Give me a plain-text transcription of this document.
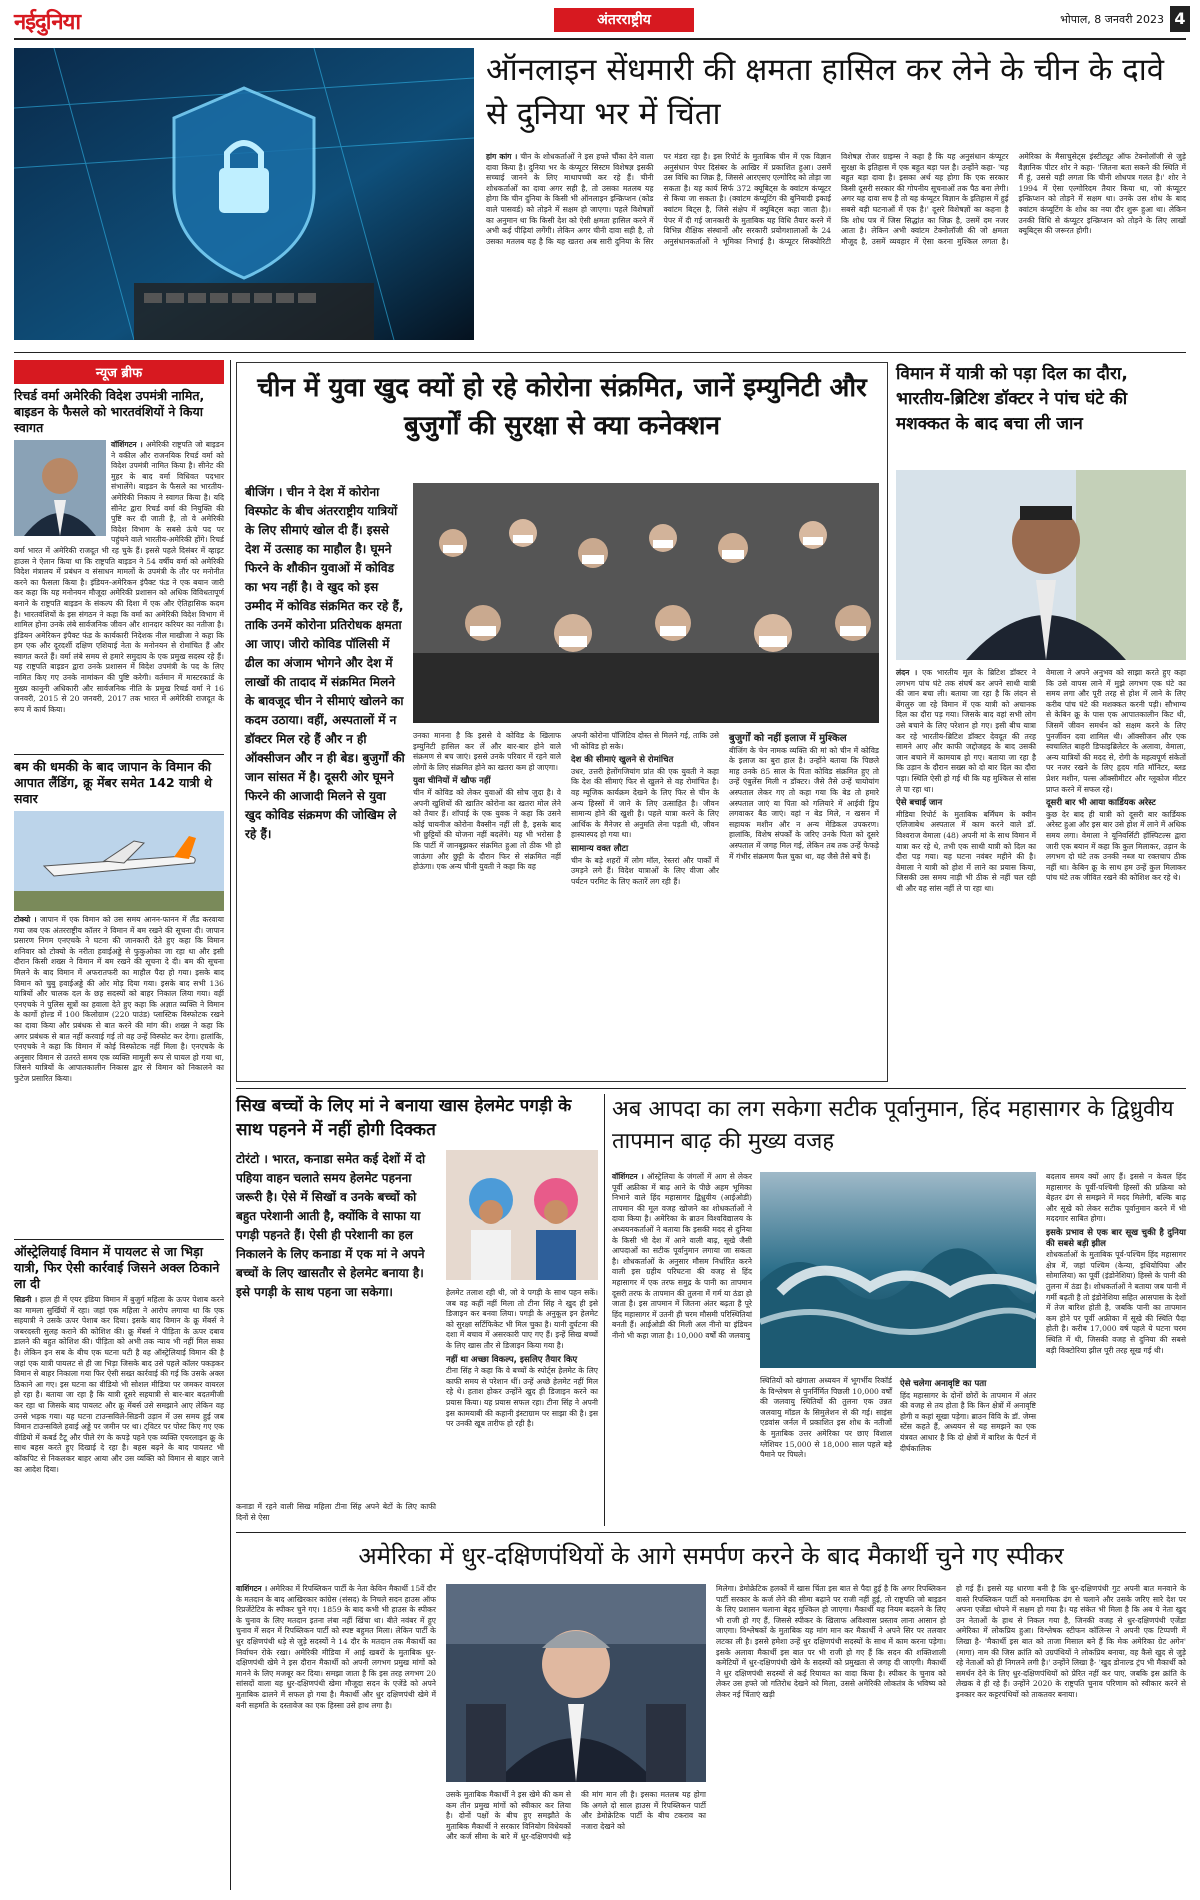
नईदुनिया	अंतरराष्ट्रीय	भोपाल, 8 जनवरी 2023 4
ऑनलाइन सेंधमारी की क्षमता हासिल कर लेने के चीन के दावे से दुनिया भर में चिंता
हांग कांग । चीन के शोधकर्ताओं ने इस हफ्ते चौंका देने वाला दावा किया है। दुनिया भर के कंप्यूटर सिस्टम विशेषज्ञ इसकी सच्चाई जानने के लिए माथापच्ची कर रहे हैं। चीनी शोधकर्ताओं का दावा अगर सही है, तो उसका मतलब यह होगा कि चीन दुनिया के किसी भी ऑनलाइन इन्क्रिप्शन (कोड वाले पासवर्ड) को तोड़ने में सक्षम हो जाएगा। पहले विशेषज्ञों का अनुमान था कि किसी देश को ऐसी क्षमता हासिल करने में अभी कई पीढ़ियां लगेंगी। लेकिन अगर चीनी दावा सही है, तो उसका मतलब यह है कि यह खतरा अब सारी दुनिया के सिर पर मंडरा रहा है। इस रिपोर्ट के मुताबिक चीन में एक विज्ञान अनुसंधान पेपर दिसंबर के आखिर में प्रकाशित हुआ। उसमें उस विधि का जिक्र है, जिससे आरएसए एल्गोरिद को तोड़ा जा सकता है। यह कार्य सिर्फ 372 क्यूबिट्स के क्वांटम कंप्यूटर से किया जा सकता है। (क्वांटम कंप्यूटिंग की बुनियादी इकाई क्वांटम बिट्स है, जिसे संक्षेप में क्यूबिट्स कहा जाता है)। पेपर में दी गई जानकारी के मुताबिक यह विधि तैयार करने में विभिन्न शैक्षिक संस्थानों और सरकारी प्रयोगशालाओं के 24 अनुसंधानकर्ताओं ने भूमिका निभाई है। कंप्यूटर सिक्योरिटी विशेषज्ञ रोजर ग्राइम्स ने कहा है कि यह अनुसंधान कंप्यूटर सुरक्षा के इतिहास में एक बहुत बड़ा पल है। उन्होंने कहा- 'यह बहुत बड़ा दावा है। इसका अर्थ यह होगा कि एक सरकार किसी दूसरी सरकार की गोपनीय सूचनाओं तक पैठ बना लेगी। अगर यह दावा सच है तो यह कंप्यूटर विज्ञान के इतिहास में हुई सबसे बड़ी घटनाओं में एक है।' दूसरे विशेषज्ञों का कहना है कि शोध पत्र में जिस सिद्धांत का जिक्र है, उसमें दम नजर आता है। लेकिन अभी क्वांटम टेक्नोलॉजी की जो क्षमता मौजूद है, उसमें व्यवहार में ऐसा करना मुश्किल लगता है। अमेरिका के मैसाचुसेट्स इंस्टीट्यूट ऑफ टेक्नोलॉजी से जुड़े वैज्ञानिक पीटर शोर ने कहा- 'जितना बता सकने की स्थिति में मैं हूं, उससे यही लगता कि चीनी शोधपत्र गलत है।' शोर ने 1994 में ऐसा एल्गोरिदम तैयार किया था, जो कंप्यूटर इन्क्रिप्शन को तोड़ने में सक्षम था। उनके उस शोध के बाद क्वांटम कंप्यूटिंग के शोध का नया दौर शुरू हुआ था। लेकिन उनकी विधि से कंप्यूटर इन्क्रिप्शन को तोड़ने के लिए लाखों क्यूबिट्स की जरूरत होगी।
न्यूज ब्रीफ
रिचर्ड वर्मा अमेरिकी विदेश उपमंत्री नामित, बाइडन के फैसले को भारतवंशियों ने किया स्वागत
वॉशिंगटन । अमेरिकी राष्ट्रपति जो बाइडन ने वकील और राजनयिक रिचर्ड वर्मा को विदेश उपमंत्री नामित किया है। सीनेट की मुहर के बाद वर्मा विधिवत पदभार संभालेंगे। बाइडन के फैसले का भारतीय-अमेरिकी निकाय ने स्वागत किया है। यदि सीनेट द्वारा रिचर्ड वर्मा की नियुक्ति की पुष्टि कर दी जाती है, तो वे अमेरिकी विदेश विभाग के सबसे ऊंचे पद पर पहुंचने वाले भारतीय-अमेरिकी होंगे। रिचर्ड वर्मा भारत में अमेरिकी राजदूत भी रह चुके हैं। इससे पहले दिसंबर में व्हाइट हाउस ने ऐलान किया था कि राष्ट्रपति बाइडन ने 54 वर्षीय वर्मा को अमेरिकी विदेश मंत्रालय में प्रबंधन व संसाधन मामलों के उपमंत्री के तौर पर मनोनीत करने का फैसला किया है। इंडियन-अमेरिकन इंपैक्ट फंड ने एक बयान जारी कर कहा कि यह मनोनयन मौजूदा अमेरिकी प्रशासन को अधिक विविधतापूर्ण बनाने के राष्ट्रपति बाइडन के संकल्प की दिशा में एक और ऐतिहासिक कदम है। भारतवंशियों के इस संगठन ने कहा कि वर्मा का अमेरिकी विदेश विभाग में शामिल होना उनके लंबे सार्वजनिक जीवन और शानदार करियर का नतीजा है। इंडियन अमेरिकन इंपैक्ट फंड के कार्यकारी निदेशक नील माखीजा ने कहा कि हम एक और दूरदर्शी दक्षिण एशियाई नेता के मनोनयन से रोमांचित हैं और स्वागत करते हैं। वर्मा लंबे समय से हमारे समुदाय के एक प्रमुख सदस्य रहे हैं। यह राष्ट्रपति बाइडन द्वारा उनके प्रशासन में विदेश उपमंत्री के पद के लिए नामित किए गए उनके नामांकन की पुष्टि करेगी। वर्तमान में मास्टरकार्ड के मुख्य कानूनी अधिकारी और सार्वजनिक नीति के प्रमुख रिचर्ड वर्मा ने 16 जनवरी, 2015 से 20 जनवरी, 2017 तक भारत में अमेरिकी राजदूत के रूप में कार्य किया।
बम की धमकी के बाद जापान के विमान की आपात लैंडिंग, क्रू मेंबर समेत 142 यात्री थे सवार
टोक्यो । जापान में एक विमान को उस समय आनन-फानन में लैंड करवाया गया जब एक अंतरराष्ट्रीय कॉलर ने विमान में बम रखने की सूचना दी। जापान प्रसारण निगम एनएचके ने घटना की जानकारी देते हुए कहा कि विमान शनिवार को टोक्यो के नरीता हवाईअड्डे से फुकुओका जा रहा था और इसी दौरान किसी शख्स ने विमान में बम रखने की सूचना दे दी। बम की सूचना मिलने के बाद विमान में अफरातफरी का माहौल पैदा हो गया। इसके बाद विमान को चुबु हवाईअड्डे की ओर मोड़ दिया गया। इसके बाद सभी 136 यात्रियों और चालक दल के छह सदस्यों को बाहर निकाल लिया गया। वहीं एनएचके ने पुलिस सूत्रों का हवाला देते हुए कहा कि अज्ञात व्यक्ति ने विमान के कार्गो होल्ड में 100 किलोग्राम (220 पाउंड) प्लास्टिक विस्फोटक रखने का दावा किया और प्रबंधक से बात करने की मांग की। शख्स ने कहा कि अगर प्रबंधक से बात नहीं करवाई गई तो वह उन्हें विस्फोट कर देगा। हालांकि, एनएचके ने कहा कि विमान में कोई विस्फोटक नहीं मिला है। एनएचके के अनुसार विमान से उतरते समय एक व्यक्ति मामूली रूप से घायल हो गया था, जिसने यात्रियों के आपातकालीन निकास द्वार से विमान को निकालने का फुटेज प्रसारित किया।
ऑस्ट्रेलियाई विमान में पायलट से जा भिड़ा यात्री, फिर ऐसी कार्रवाई जिसने अक्ल ठिकाने ला दी
सिडनी । हाल ही में एयर इंडिया विमान में बुजुर्ग महिला के ऊपर पेशाब करने का मामला सुर्खियों में रहा। जहां एक महिला ने आरोप लगाया था कि एक सहयात्री ने उसके ऊपर पेशाब कर दिया। इसके बाद विमान के क्रू मेंबर्स ने जबरदस्ती सुलह कराने की कोशिश की। क्रू मेंबर्स ने पीड़िता के ऊपर दबाव डालने की बहुत कोशिश की। पीड़िता को अभी तक न्याय भी नहीं मिल सका है। लेकिन इन सब के बीच एक घटना घटी है वह ऑस्ट्रेलियाई विमान की है जहां एक यात्री पायलट से ही जा भिड़ा जिसके बाद उसे पहले कॉलर पकड़कर विमान से बाहर निकाला गया फिर ऐसी सख्त कार्रवाई की गई कि उसके अक्ल ठिकाने आ गए। इस घटना का वीडियो भी सोशल मीडिया पर जमकर वायरल हो रहा है। बताया जा रहा है कि यात्री दूसरे सहयात्री से बार-बार बदतमीजी कर रहा था जिसके बाद पायलट और क्रू मेंबर्स उसे समझाने आए लेकिन वह उनसे भड़क गया। यह घटना टाउन्सविले-सिडनी उड़ान में उस समय हुई जब विमान टाउन्सविले हवाई अड्डे पर जमीन पर था। ट्विटर पर पोस्ट किए गए एक वीडियो में कबर्ड टैटू और पीले रंग के कपड़े पहने एक व्यक्ति एयरलाइन क्रू के साथ बहस करते हुए दिखाई दे रहा है। बहस बढ़ने के बाद पायलट भी कॉकपिट से निकलकर बाहर आया और उस व्यक्ति को विमान से बाहर जाने का आदेश दिया।
चीन में युवा खुद क्यों हो रहे कोरोना संक्रमित, जानें इम्युनिटी और बुजुर्गों की सुरक्षा से क्या कनेक्शन
बीजिंग । चीन ने देश में कोरोना विस्फोट के बीच अंतरराष्ट्रीय यात्रियों के लिए सीमाएं खोल दी हैं। इससे देश में उत्साह का माहौल है। घूमने फिरने के शौकीन युवाओं में कोविड का भय नहीं है। वे खुद को इस उम्मीद में कोविड संक्रमित कर रहे हैं, ताकि उनमें कोरोना प्रतिरोधक क्षमता आ जाए। जीरो कोविड पॉलिसी में ढील का अंजाम भोगने और देश में लाखों की तादाद में संक्रमित मिलने के बावजूद चीन ने सीमाएं खोलने का कदम उठाया। वहीं, अस्पतालों में न डॉक्टर मिल रहे हैं और न ही ऑक्सीजन और न ही बेड। बुजुर्गों की जान सांसत में है। दूसरी ओर घूमने फिरने की आजादी मिलने से युवा खुद कोविड संक्रमण की जोखिम ले रहे हैं।
उनका मानना है कि इससे वे कोविड के खिलाफ इम्युनिटी हासिल कर लें और बार-बार होने वाले संक्रमण से बच जाएं। इससे उनके परिवार में रहने वाले लोगों के लिए संक्रमित होने का खतरा कम हो जाएगा।
युवा चीनियों में खौफ नहीं
चीन में कोविड को लेकर युवाओं की सोच जुदा है। वे अपनी खुशियों की खातिर कोरोना का खतरा मोल लेने को तैयार हैं। शॉपाई के एक युवक ने कहा कि उसने कोई चायनीज कोरोना वैक्सीन नहीं ली है, इसके बाद भी छुट्टियों की योजना नहीं बदलेंगे। यह भी भरोसा है कि पार्टी में जानबूझकर संक्रमित हुआ तो ठीक भी हो जाऊंगा और छुट्टी के दौरान फिर से संक्रमित नहीं होऊंगा। एक अन्य चीनी युवती ने कहा कि वह
अपनी कोरोना पॉजिटिव दोस्त से मिलने गई, ताकि उसे भी कोविड हो सके।
देश की सीमाएं खुलने से रोमांचित
उधर, उत्तरी हेलोंगजियांग प्रांत की एक युवती ने कहा कि देश की सीमाएं फिर से खुलने से वह रोमांचित है। वह म्यूजिक कार्यक्रम देखने के लिए फिर से चीन के अन्य हिस्सों में जाने के लिए उत्साहित है। जीवन सामान्य होने की खुशी है। पहले यात्रा करने के लिए आर्थिक के मैनेजर से अनुमति लेना पड़ती थी, जीवन हास्यास्पद हो गया था।
सामान्य वक्त लौटा
चीन के बड़े शहरों में लोग मॉल, रेस्तरां और पार्कों में उमड़ने लगे हैं। विदेश यात्राओं के लिए वीजा और पर्यटन परमिट के लिए कतारें लग रही हैं।
बुजुर्गों को नहीं इलाज में मुश्किल
बीजिंग के चेन नामक व्यक्ति की मां को चीन में कोविड के इलाज का बुरा हाल है। उन्होंने बताया कि पिछले माह उनके 85 साल के पिता कोविड संक्रमित हुए तो उन्हें एंबुलेंस मिली न डॉक्टर। जैसे तैसे उन्हें चायोयांग अस्पताल लेकर गए तो कहा गया कि बेड तो हमारे अस्पताल जाएं या पिता को गलियारे में आईवी ड्रिप लगवाकर बैठ जाएं। वहां न बेड मिले, न खसन में सहायक मशीन और न अन्य मेडिकल उपकरण। हालांकि, विशेष संपर्कों के जरिए उनके पिता को दूसरे अस्पताल में जगह मिल गई, लेकिन तब तक उन्हें फेफड़े में गंभीर संक्रमण फैल चुका था, वह जैसे तैसे बचे हैं।
विमान में यात्री को पड़ा दिल का दौरा, भारतीय-ब्रिटिश डॉक्टर ने पांच घंटे की मशक्कत के बाद बचा ली जान
लंदन । एक भारतीय मूल के ब्रिटिश डॉक्टर ने लगभग पांच घंटे तक संघर्ष कर अपने साथी यात्री की जान बचा ली। बताया जा रहा है कि लंदन से बेंगलुरु जा रहे विमान में एक यात्री को अचानक दिल का दौरा पड़ गया। जिसके बाद वहां सभी लोग उसे बचाने के लिए परेशान हो गए। इसी बीच यात्रा कर रहे भारतीय-ब्रिटिश डॉक्टर देवदूत की तरह सामने आए और काफी जद्दोजहद के बाद उसकी जान बचाने में कामयाब हो गए। बताया जा रहा है कि उड़ान के दौरान सख्स को दो बार दिल का दौरा पड़ा। स्थिति ऐसी हो गई थी कि यह मुश्किल से सांस ले पा रहा था।
ऐसे बचाई जान
मीडिया रिपोर्ट के मुताबिक बर्मिंघम के क्वीन एलिजाबेथ अस्पताल में काम करने वाले डॉ. विश्वराज वेमाला (48) अपनी मां के साथ विमान में यात्रा कर रहे थे, तभी एक साथी यात्री को दिल का दौरा पड़ गया। यह घटना नवंबर महीने की है। वेमाला ने यात्री को होश में लाने का प्रयास किया, जिसकी उस समय नाड़ी भी ठीक से नहीं चल रही थी और वह सांस नहीं ले पा रहा था।
वेमाला ने अपने अनुभव को साझा करते हुए कहा कि उसे वापस लाने में मुझे लगभग एक घंटे का समय लगा और पूरी तरह से होश में लाने के लिए करीब पांच घंटे की मशक्कत करनी पड़ी। सौभाग्य से केबिन क्रू के पास एक आपातकालीन किट थी, जिसमें जीवन समर्थन को सक्षम करने के लिए पुनर्जीवन दवा शामिल थी। ऑक्सीजन और एक स्वचालित बाहरी डिफाइब्रिलेटर के अलावा, वेमाला, अन्य यात्रियों की मदद से, रोगी के महत्वपूर्ण संकेतों पर नजर रखने के लिए हृदय गति मॉनिटर, ब्लड प्रेशर मशीन, पल्स ऑक्सीमीटर और ग्लूकोज मीटर प्राप्त करने में सफल रहे।
दूसरी बार भी आया कार्डियक अरेस्ट
कुछ देर बाद ही यात्री को दूसरी बार कार्डियक अरेस्ट हुआ और इस बार उसे होश में लाने में अधिक समय लगा। वेमाला ने यूनिवर्सिटी हॉस्पिटल्स द्वारा जारी एक बयान में कहा कि कुल मिलाकर, उड़ान के लगभग दो घंटे तक उनकी नब्ज या रक्तचाप ठीक नहीं था। केबिन क्रू के साथ हम उन्हें कुल मिलाकर पांच घंटे तक जीवित रखने की कोशिश कर रहे थे।
सिख बच्चों के लिए मां ने बनाया खास हेलमेट पगड़ी के साथ पहनने में नहीं होगी दिक्कत
टोरंटो । भारत, कनाडा समेत कई देशों में दो पहिया वाहन चलाते समय हेलमेट पहनना जरूरी है। ऐसे में सिखों व उनके बच्चों को बहुत परेशानी आती है, क्योंकि वे साफा या पगड़ी पहनते हैं। ऐसी ही परेशानी का हल निकालने के लिए कनाडा में एक मां ने अपने बच्चों के लिए खासतौर से हेलमेट बनाया है। इसे पगड़ी के साथ पहना जा सकेगा।
कनाडा में रहने वाली सिख महिला टीना सिंह अपने बेटों के लिए काफी दिनों से ऐसा
हेलमेट तलाश रही थी, जो वे पगड़ी के साथ पहन सकें। जब वह कहीं नहीं मिला तो टीना सिंह ने खुद ही इसे डिजाइन कर बनवा लिया। पगड़ी के अनुकूल इन हेलमेट को सुरक्षा सर्टिफिकेट भी मिल चुका है। यानी दुर्घटना की दशा में बचाव में असरकारी पाए गए हैं। इन्हें सिख बच्चों के लिए खास तौर से डिजाइन किया गया है।
नहीं था अच्छा विकल्प, इसलिए तैयार किए
टीना सिंह ने कहा कि वे बच्चों के स्पोर्ट्स हेलमेट के लिए काफी समय से परेशान थीं। उन्हें अच्छे हेलमेट नहीं मिल रहे थे। हताश होकर उन्होंने खुद ही डिजाइन करने का प्रयास किया। यह प्रयास सफल रहा। टीना सिंह ने अपनी इस कामयाबी की कहानी इंस्टाग्राम पर साझा की है। इस पर उनकी खूब तारीफ हो रही है।
अब आपदा का लग सकेगा सटीक पूर्वानुमान, हिंद महासागर के द्विध्रुवीय तापमान बाढ़ की मुख्य वजह
वॉशिंगटन । ऑस्ट्रेलिया के जंगलों में आग से लेकर पूर्वी अफ्रीका में बाढ़ आने के पीछे अहम भूमिका निभाने वाले हिंद महासागर द्विध्रुवीय (आईओडी) तापमान की मूल वजह खोजने का शोधकर्ताओं ने दावा किया है। अमेरिका के ब्राउन विश्वविद्यालय के अध्ययनकर्ताओं ने बताया कि इसकी मदद से दुनिया के किसी भी देश में आने वाली बाढ़, सूखे जैसी आपदाओं का सटीक पूर्वानुमान लगाया जा सकता है। शोधकर्ताओं के अनुसार मौसम निर्धारित करने वाली इस ग्रहीय परिघटना की वजह से हिंद महासागर में एक तरफ समुद्र के पानी का तापमान दूसरी तरफ के तापमान की तुलना में गर्म या ठंडा हो जाता है। इस तापमान में जितना अंतर बढ़ता है पूरे हिंद महासागर में उतनी ही चरम मौसमी परिस्थितियां बनती हैं। आईओडी की मिली अल नीनो या इंडियन नीनो भी कहा जाता है। 10,000 वर्षों की जलवायु
स्थितियों को खंगाला अध्ययन में भूगर्भीय रिकॉर्ड के विश्लेषण से पुनर्निर्मित पिछली 10,000 वर्षों की जलवायु स्थितियों की तुलना एक उन्नत जलवायु मॉडल के सिमुलेशन से की गई। साइंस एडवांस जर्नल में प्रकाशित इस शोध के नतीजों के मुताबिक उत्तर अमेरिका पर छाए विशाल ग्लेशियर 15,000 से 18,000 साल पहले बड़े पैमाने पर पिघले।
ऐसे चलेगा अनावृष्टि का पता
हिंद महासागर के दोनों छोरों के तापमान में अंतर की वजह से तय होता है कि किन क्षेत्रों में अनावृष्टि होगी व कहां सूखा पड़ेगा। ब्राउन विवि के डॉ. जेम्स स्टेंस कहते हैं, अध्ययन से यह समझने का एक यंत्रवत आधार है कि दो क्षेत्रों में बारिश के पैटर्न में दीर्घकालिक
बदलाव समय क्यों आए हैं। इससे न केवल हिंद महासागर के पूर्वी-पश्चिमी हिस्सों की प्रक्रिया को बेहतर ढंग से समझने में मदद मिलेगी, बल्कि बाढ़ और सूखे को लेकर सटीक पूर्वानुमान करने में भी मददगार साबित होगा।
इसके प्रभाव से एक बार सूख चुकी है दुनिया की सबसे बड़ी झील
शोधकर्ताओं के मुताबिक पूर्व-पश्चिम हिंद महासागर क्षेत्र में, जहां पश्चिम (केन्या, इथियोपिया और सोमालिया) का पूर्वी (इंडोनेशिया) हिस्से के पानी की तुलना में ठंडा है। शोधकर्ताओं ने बताया जब पानी में गर्मी बढ़ती है तो इंडोनेशिया सहित आसपास के देशों में तेज बारिश होती है, जबकि पानी का तापमान कम होने पर पूर्वी अफ्रीका में सूखे की स्थिति पैदा होती है। करीब 17,000 वर्ष पहले ये घटना चरम स्थिति में थी, जिसकी वजह से दुनिया की सबसे बड़ी विक्टोरिया झील पूरी तरह सूख गई थी।
अमेरिका में धुर-दक्षिणपंथियों के आगे समर्पण करने के बाद मैकार्थी चुने गए स्पीकर
वाशिंगटन । अमेरिका में रिपब्लिकन पार्टी के नेता केविन मैकार्थी 15वें दौर के मतदान के बाद आखिरकार कांग्रेस (संसद) के निचले सदन हाउस ऑफ रिप्रजेंटेटिव के स्पीकर चुने गए। 1859 के बाद कभी भी हाउस के स्पीकर के चुनाव के लिए मतदान इतना लंबा नहीं खिंचा था। बीते नवंबर में हुए चुनाव में सदन में रिपब्लिकन पार्टी को स्पष्ट बहुमत मिला। लेकिन पार्टी के धुर दक्षिणपंथी धड़े से जुड़े सदस्यों ने 14 दौर के मतदान तक मैकार्थी का निर्वाचन रोके रखा। अमेरिकी मीडिया में आई खबरों के मुताबिक धुर-दक्षिणपंथी खेमे ने इस दौरान मैकार्थी को अपनी लगभग प्रमुख मांगों को मानने के लिए मजबूर कर दिया। समझा जाता है कि इस तरह लगभग 20 सांसदों वाला यह धुर-दक्षिणपंथी खेमा मौजूदा सदन के एजेंडे को अपने मुताबिक ढालने में सफल हो गया है। मैकार्थी और धुर दक्षिणपंथी खेमे में बनी सहमति के दस्तावेज का एक हिस्सा उसे हाथ लगा है।
उसके मुताबिक मैकार्थी ने इस खेमे की कम से कम तीन प्रमुख मांगों को स्वीकार कर लिया है। दोनों पक्षों के बीच हुए समझौते के मुताबिक मैकार्थी ने सरकार विनियोग विधेयकों और कर्ज सीमा के बारे में धुर-दक्षिणपंथी धड़े की मांग मान ली है। इसका मतलब यह होगा कि अगले दो साल हाउस में रिपब्लिकन पार्टी और डेमोक्रेटिक पार्टी के बीच टकराव का नजारा देखने को
मिलेगा। डेमोक्रेटिक हलकों में खास चिंता इस बात से पैदा हुई है कि अगर रिपब्लिकन पार्टी सरकार के कर्ज लेने की सीमा बढ़ाने पर राजी नहीं हुई, तो राष्ट्रपति जो बाइडन के लिए प्रशासन चलाना बेहद मुश्किल हो जाएगा। मैकार्थी यह नियम बदलने के लिए भी राजी हो गए हैं, जिससे स्पीकर के खिलाफ अविश्वास प्रस्ताव लाना आसान हो जाएगा। विश्लेषकों के मुताबिक यह मांग मान कर मैकार्थी ने अपने सिर पर तलवार लटका ली है। इससे हमेशा उन्हें धुर दक्षिणपंथी सदस्यों के साथ में काम करना पड़ेगा। इसके अलावा मैकार्थी इस बात पर भी राजी हो गए हैं कि सदन की शक्तिशाली कमेटियों में धुर-दक्षिणपंथी खेमे के सदस्यों को प्रमुखता से जगह दी जाएगी। मैकार्थी ने धुर दक्षिणपंथी सदस्यों से कई रियायत का वादा किया है। स्पीकर के चुनाव को लेकर उस हफ्ते जो गतिरोध देखने को मिला, उससे अमेरिकी लोकतंत्र के भविष्य को लेकर नई चिंताएं खड़ी
हो गई हैं। इससे यह धारणा बनी है कि धुर-दक्षिणपंथी गुट अपनी बात मनवाने के वास्ते रिपब्लिकन पार्टी को मनमाफिक ढंग से चलाने और उसके जरिए सारे देश पर अपना एजेंडा थोपने में सक्षम हो गया है। यह संकेत भी मिला है कि अब ये नेता खुद उन नेताओं के हाथ से निकल गया है, जिनकी वजह से धुर-दक्षिणपंथी एजेंडा अमेरिका में लोकप्रिय हुआ। विश्लेषक स्टीफन कॉलिन्स ने अपनी एक टिप्पणी में लिखा है- 'मैकार्थी इस बात को ताजा मिसाल बने हैं कि मेक अमेरिका ग्रेट अगेन' (मागा) नाम की जिस क्रांति को उग्रपंथियों ने लोकप्रिय बनाया, वह कैसे खुद से जुड़े रहे नेताओं को ही निगलने लगी है।' उन्होंने लिखा है- 'खुद डोनाल्ड ट्रंप भी मैकार्थी को समर्थन देने के लिए धुर-दक्षिणपंथियों को प्रेरित नहीं कर पाए, जबकि इस क्रांति के लेखक वे ही रहे हैं। उन्होंने 2020 के राष्ट्रपति चुनाव परिणाम को स्वीकार करने से इनकार कर कट्टरपंथियों को ताकतवर बनाया।
